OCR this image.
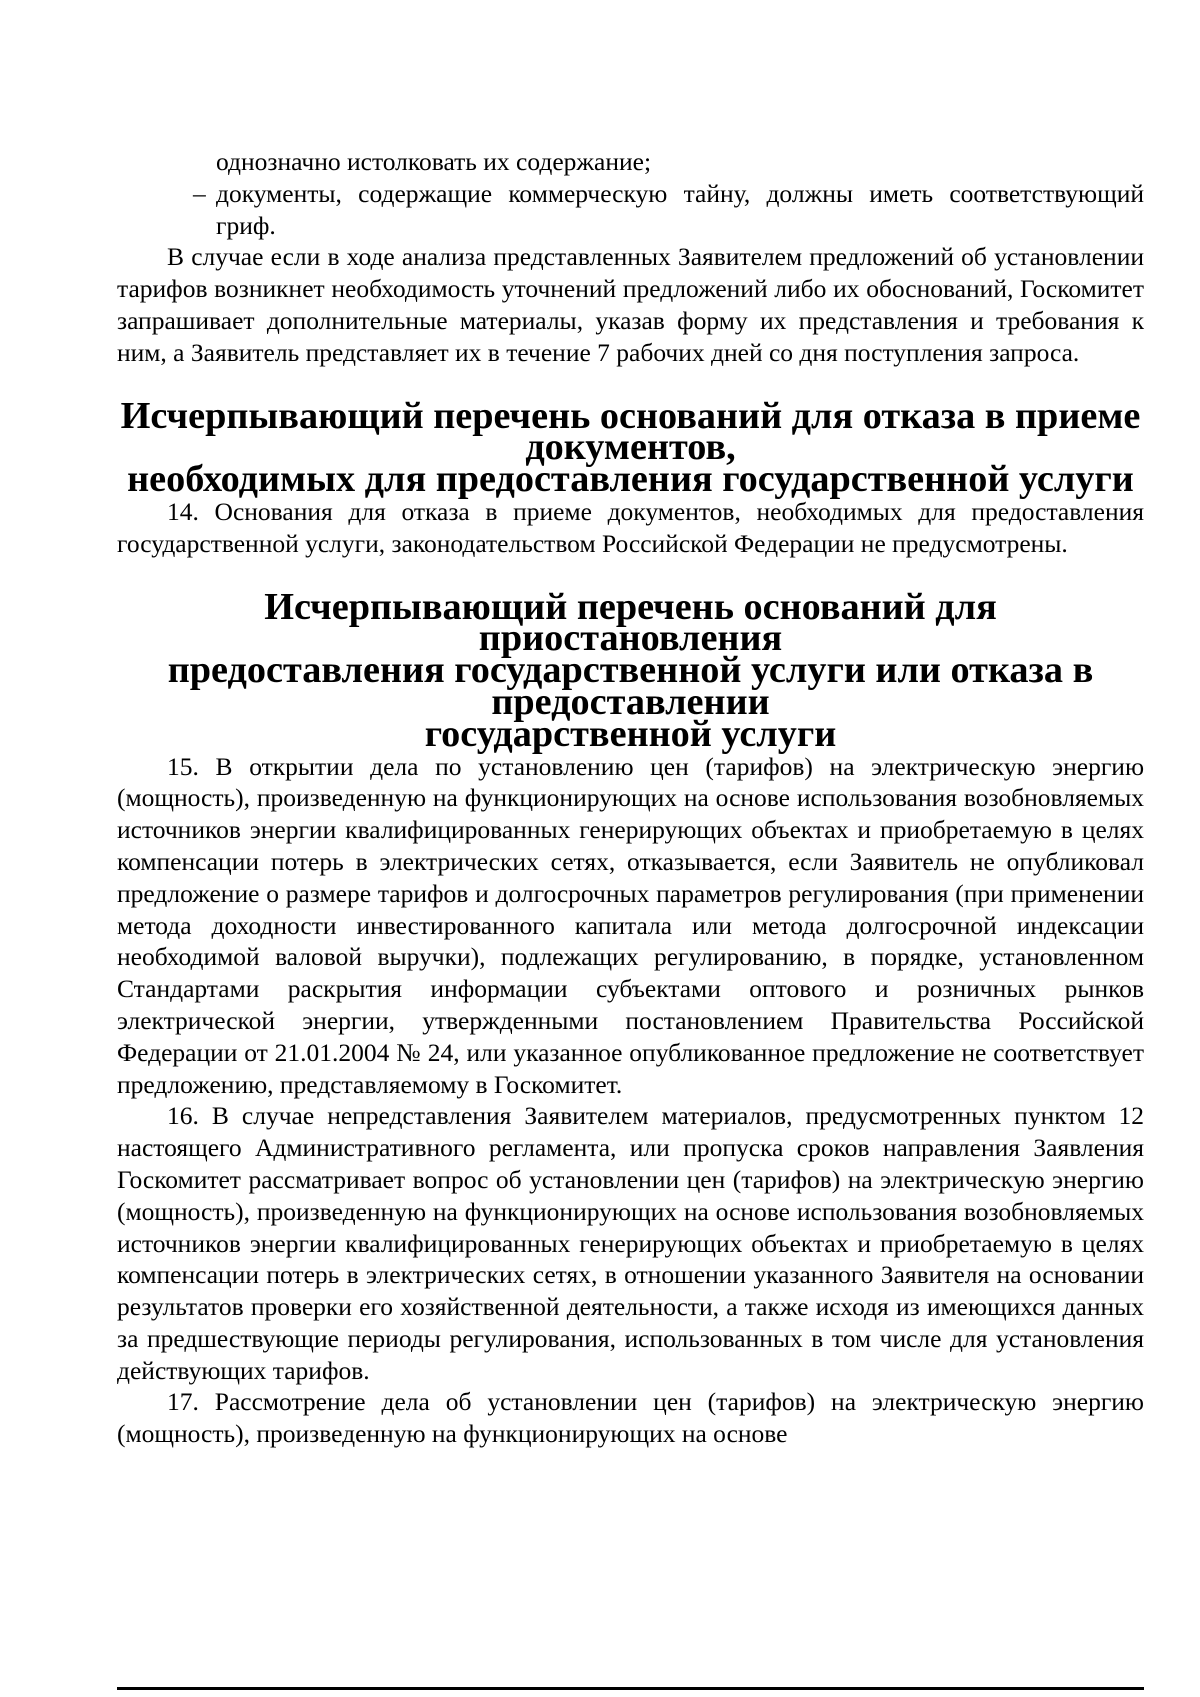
однозначно истолковать их содержание;

– документы, содержащие коммерческую тайну, должны иметь соответствующий гриф.

В случае если в ходе анализа представленных Заявителем предложений об установлении тарифов возникнет необходимость уточнений предложений либо их обоснований, Госкомитет запрашивает дополнительные материалы, указав форму их представления и требования к ним, а Заявитель представляет их в течение 7 рабочих дней со дня поступления запроса.

Исчерпывающий перечень оснований для отказа в приеме документов,
необходимых для предоставления государственной услуги

14. Основания для отказа в приеме документов, необходимых для предоставления государственной услуги, законодательством Российской Федерации не предусмотрены.

Исчерпывающий перечень оснований для приостановления
предоставления государственной услуги или отказа в предоставлении
государственной услуги

15. В открытии дела по установлению цен (тарифов) на электрическую энергию (мощность), произведенную на функционирующих на основе использования возобновляемых источников энергии квалифицированных генерирующих объектах и приобретаемую в целях компенсации потерь в электрических сетях, отказывается, если Заявитель не опубликовал предложение о размере тарифов и долгосрочных параметров регулирования (при применении метода доходности инвестированного капитала или метода долгосрочной индексации необходимой валовой выручки), подлежащих регулированию, в порядке, установленном Стандартами раскрытия информации субъектами оптового и розничных рынков электрической энергии, утвержденными постановлением Правительства Российской Федерации от 21.01.2004 № 24, или указанное опубликованное предложение не соответствует предложению, представляемому в Госкомитет.

16. В случае непредставления Заявителем материалов, предусмотренных пунктом 12 настоящего Административного регламента, или пропуска сроков направления Заявления Госкомитет рассматривает вопрос об установлении цен (тарифов) на электрическую энергию (мощность), произведенную на функционирующих на основе использования возобновляемых источников энергии квалифицированных генерирующих объектах и приобретаемую в целях компенсации потерь в электрических сетях, в отношении указанного Заявителя на основании результатов проверки его хозяйственной деятельности, а также исходя из имеющихся данных за предшествующие периоды регулирования, использованных в том числе для установления действующих тарифов.

17. Рассмотрение дела об установлении цен (тарифов) на электрическую энергию (мощность), произведенную на функционирующих на основе
